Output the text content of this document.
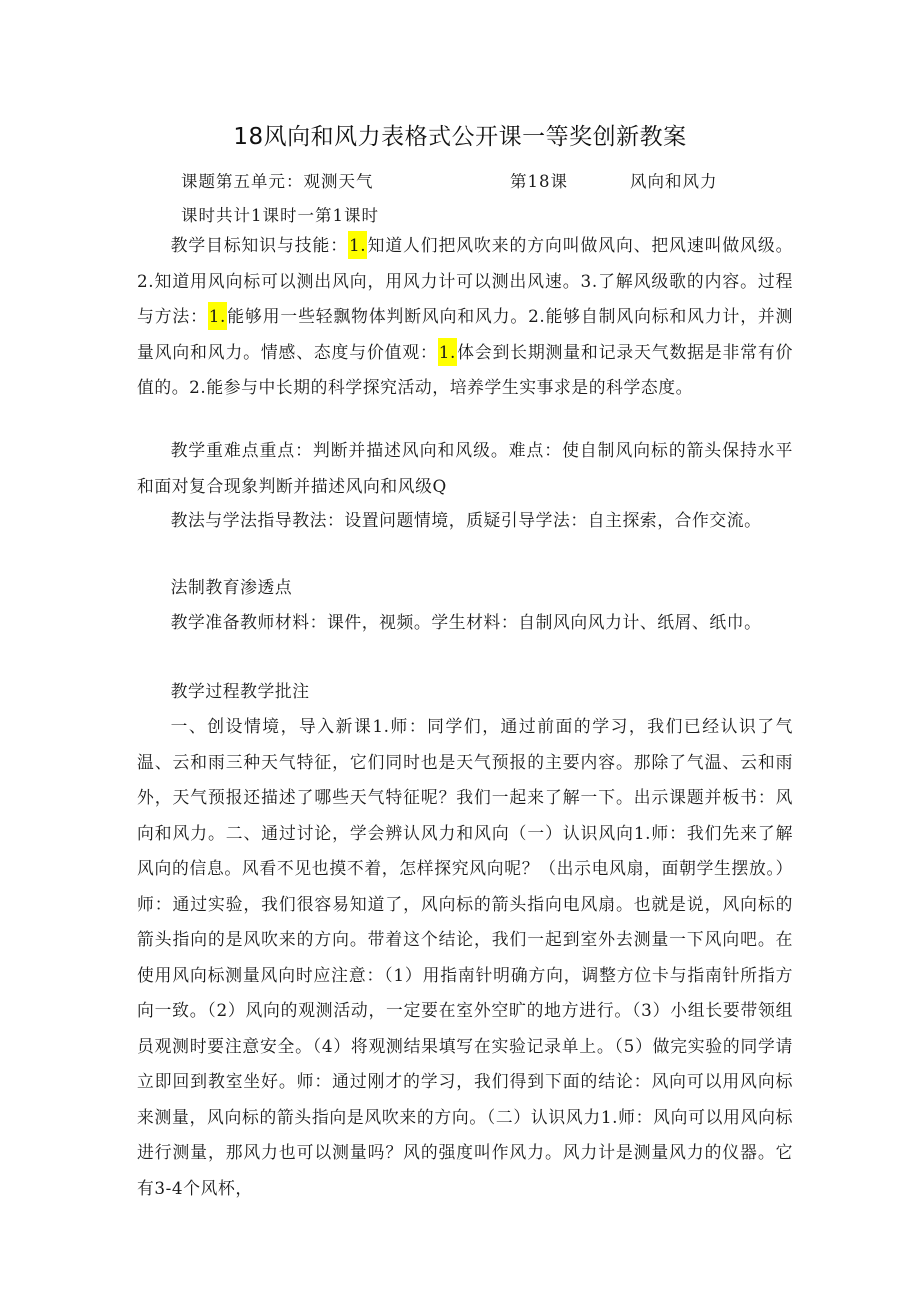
18风向和风力表格式公开课一等奖创新教案
课题第五单元：观测天气	第18课	风向和风力
课时共计1课时一第1课时

教学目标知识与技能：1.知道人们把风吹来的方向叫做风向、把风速叫做风级。2.知道用风向标可以测出风向，用风力计可以测出风速。3.了解风级歌的内容。过程与方法：1.能够用一些轻飘物体判断风向和风力。2.能够自制风向标和风力计，并测量风向和风力。情感、态度与价值观：1.体会到长期测量和记录天气数据是非常有价值的。2.能参与中长期的科学探究活动，培养学生实事求是的科学态度。

教学重难点重点：判断并描述风向和风级。难点：使自制风向标的箭头保持水平和面对复合现象判断并描述风向和风级Q

教法与学法指导教法：设置问题情境，质疑引导学法：自主探索，合作交流。

法制教育渗透点

教学准备教师材料：课件，视频。学生材料：自制风向风力计、纸屑、纸巾。

教学过程教学批注

一、创设情境，导入新课1.师：同学们，通过前面的学习，我们已经认识了气温、云和雨三种天气特征，它们同时也是天气预报的主要内容。那除了气温、云和雨外，天气预报还描述了哪些天气特征呢？我们一起来了解一下。出示课题并板书：风向和风力。二、通过讨论，学会辨认风力和风向（一）认识风向1.师：我们先来了解风向的信息。风看不见也摸不着，怎样探究风向呢？（出示电风扇，面朝学生摆放。）师：通过实验，我们很容易知道了，风向标的箭头指向电风扇。也就是说，风向标的箭头指向的是风吹来的方向。带着这个结论，我们一起到室外去测量一下风向吧。在使用风向标测量风向时应注意：（1）用指南针明确方向，调整方位卡与指南针所指方向一致。（2）风向的观测活动，一定要在室外空旷的地方进行。（3）小组长要带领组员观测时要注意安全。（4）将观测结果填写在实验记录单上。（5）做完实验的同学请立即回到教室坐好。师：通过刚才的学习，我们得到下面的结论：风向可以用风向标来测量，风向标的箭头指向是风吹来的方向。（二）认识风力1.师：风向可以用风向标进行测量，那风力也可以测量吗？风的强度叫作风力。风力计是测量风力的仪器。它有3-4个风杯，
